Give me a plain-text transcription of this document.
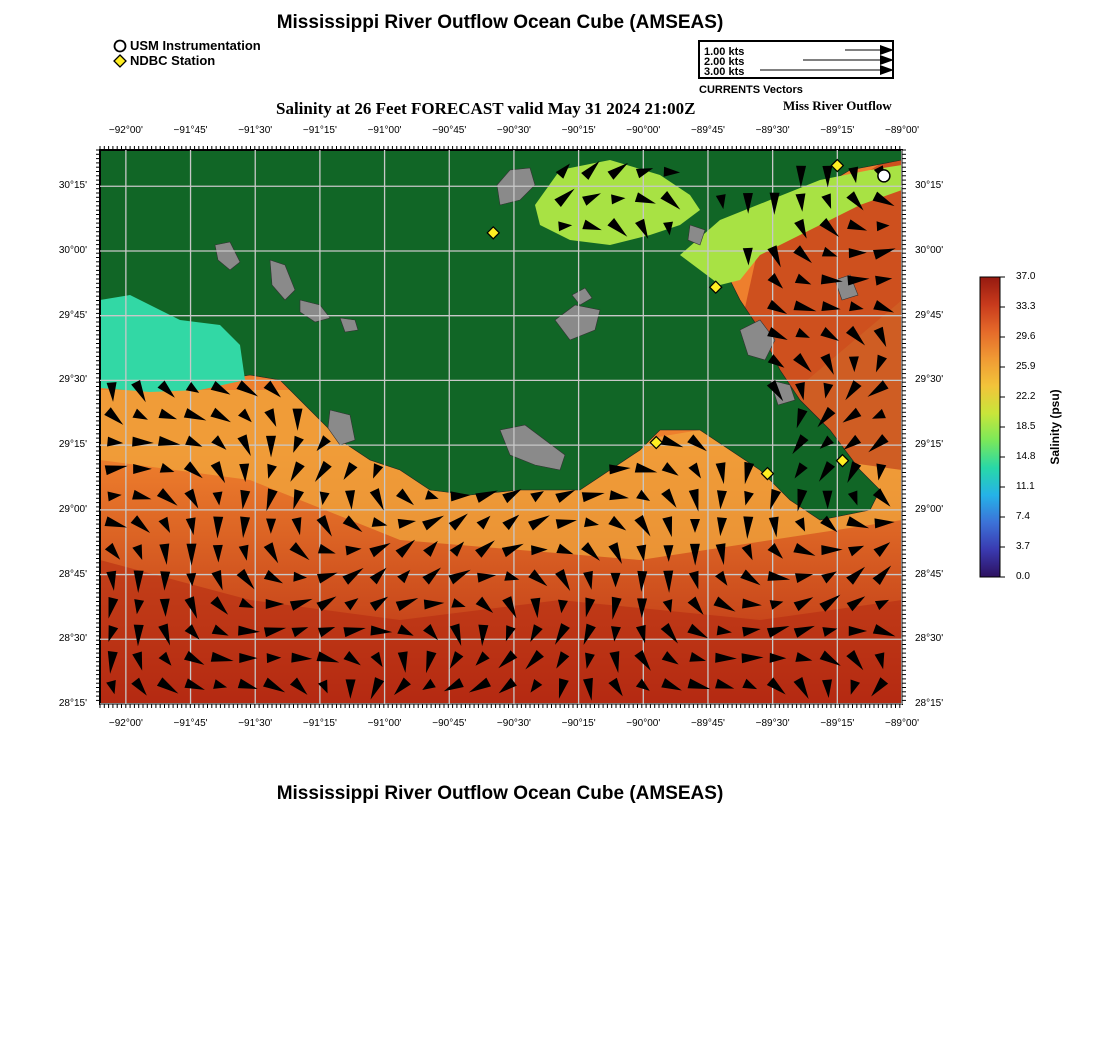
Mississippi River Outflow Ocean Cube (AMSEAS)
USM Instrumentation
NDBC Station
1.00 kts
2.00 kts
3.00 kts
CURRENTS Vectors
Salinity at 26 Feet FORECAST valid May 31 2024 21:00Z	Miss River Outflow
−92°00'	−91°45'	−91°30'	−91°15'	−91°00'	−90°45'	−90°30'	−90°15'	−90°00'	−89°45'	−89°30'	−89°15'	−89°00'
−92°00'	−91°45'	−91°30'	−91°15'	−91°00'	−90°45'	−90°30'	−90°15'	−90°00'	−89°45'	−89°30'	−89°15'	−89°00'
30°15'
30°00'
29°45'
29°30'
29°15'
29°00'
28°45'
28°30'
28°15'
30°15'
30°00'
29°45'
29°30'
29°15'
29°00'
28°45'
28°30'
28°15'
37.0
33.3
29.6
25.9
22.2
18.5
14.8
11.1
7.4
3.7
0.0
Salinity (psu)
Mississippi River Outflow Ocean Cube (AMSEAS)
